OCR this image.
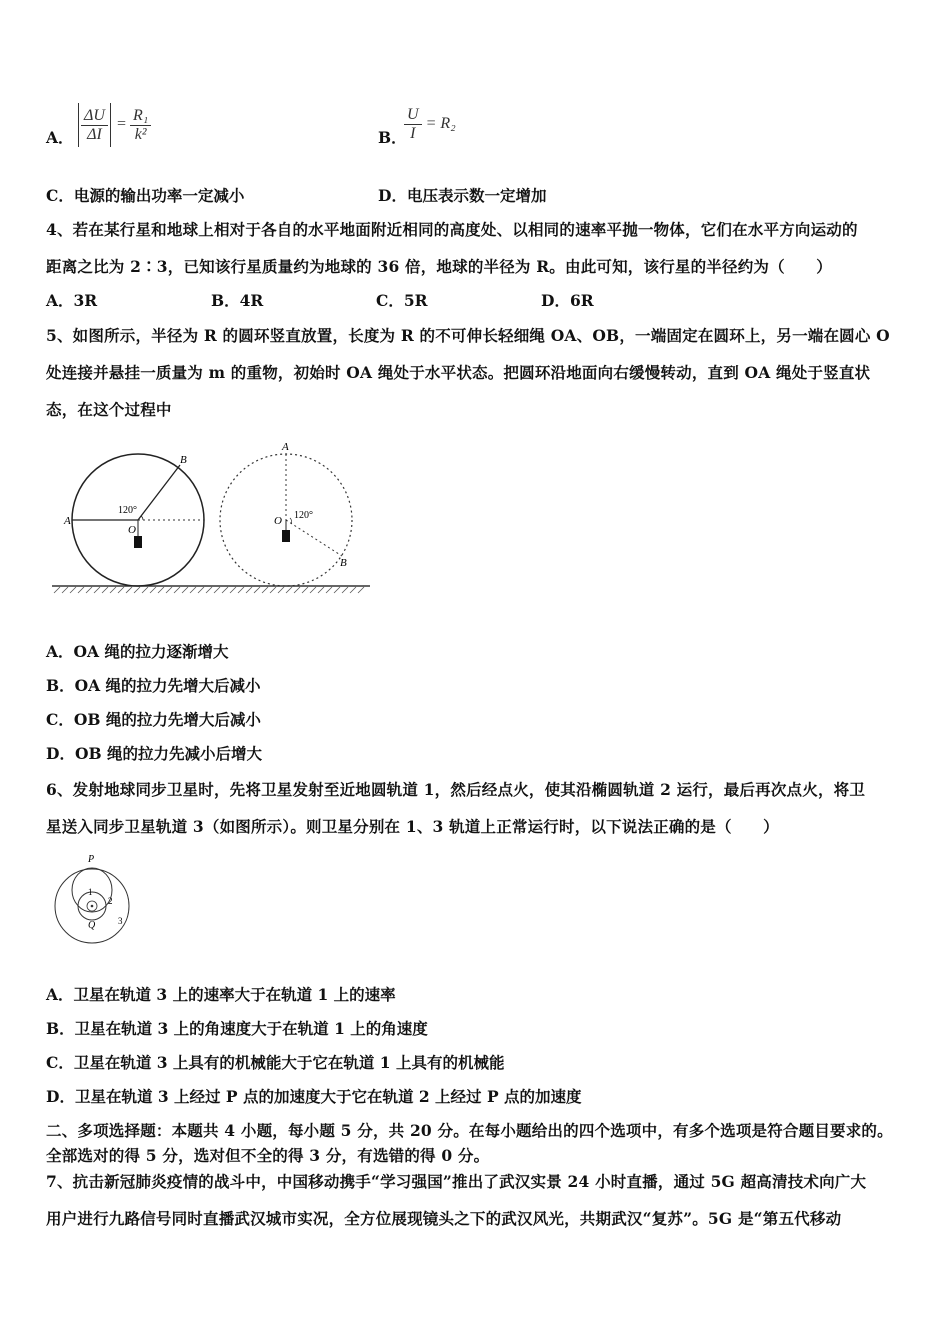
A． $\frac{\Delta U}{\Delta I} = \frac{\text{R₁}}{\text{k²}}$	B．
$\frac{U}{I} = R_2$
C．电源的输出功率一定减小	D．电压表示数一定增加
4、若在某行星和地球上相对于各自的水平地面附近相同的高度处、以相同的速率平抛一物体，它们在水平方向运动的
距离之比为 2∶3，已知该行星质量约为地球的 36 倍，地球的半径为 R。由此可知，该行星的半径约为（　　）
A．3R	B．4R	C．5R	D．6R
5、如图所示，半径为 R 的圆环竖直放置，长度为 R 的不可伸长轻细绳 OA、OB，一端固定在圆环上，另一端在圆心 O
处连接并悬挂一质量为 m 的重物，初始时 OA 绳处于水平状态。把圆环沿地面向右缓慢转动，直到 OA 绳处于竖直状
态，在这个过程中
A
B
O
120°
A
B
O 120°
A．OA 绳的拉力逐渐增大
B．OA 绳的拉力先增大后减小
C．OB 绳的拉力先增大后减小
D．OB 绳的拉力先减小后增大
6、发射地球同步卫星时，先将卫星发射至近地圆轨道 1，然后经点火，使其沿椭圆轨道 2 运行，最后再次点火，将卫
星送入同步卫星轨道 3（如图所示）。则卫星分别在 1、3 轨道上正常运行时，以下说法正确的是（　　）
P
Q
1
2
3
A．卫星在轨道 3 上的速率大于在轨道 1 上的速率
B．卫星在轨道 3 上的角速度大于在轨道 1 上的角速度
C．卫星在轨道 3 上具有的机械能大于它在轨道 1 上具有的机械能
D．卫星在轨道 3 上经过 P 点的加速度大于它在轨道 2 上经过 P 点的加速度
二、多项选择题：本题共 4 小题，每小题 5 分，共 20 分。在每小题给出的四个选项中，有多个选项是符合题目要求的。
全部选对的得 5 分，选对但不全的得 3 分，有选错的得 0 分。
7、抗击新冠肺炎疫情的战斗中，中国移动携手“学习强国”推出了武汉实景 24 小时直播，通过 5G 超高清技术向广大
用户进行九路信号同时直播武汉城市实况，全方位展现镜头之下的武汉风光，共期武汉“复苏”。5G 是“第五代移动
